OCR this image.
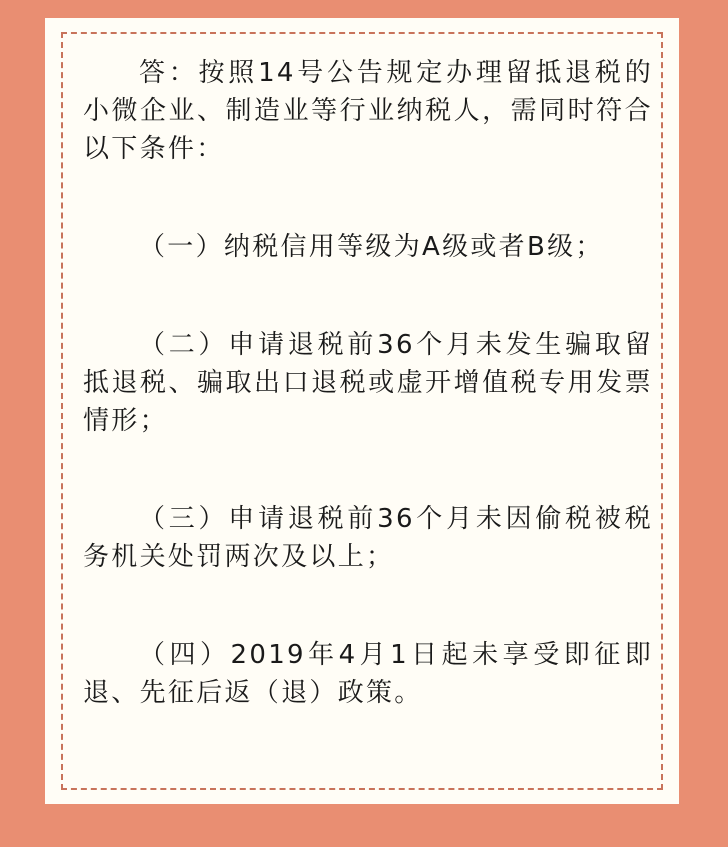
答：按照14号公告规定办理留抵退税的小微企业、制造业等行业纳税人，需同时符合以下条件：

（一）纳税信用等级为A级或者B级；

（二）申请退税前36个月未发生骗取留抵退税、骗取出口退税或虚开增值税专用发票情形；

（三）申请退税前36个月未因偷税被税务机关处罚两次及以上；

（四）2019年4月1日起未享受即征即退、先征后返（退）政策。
